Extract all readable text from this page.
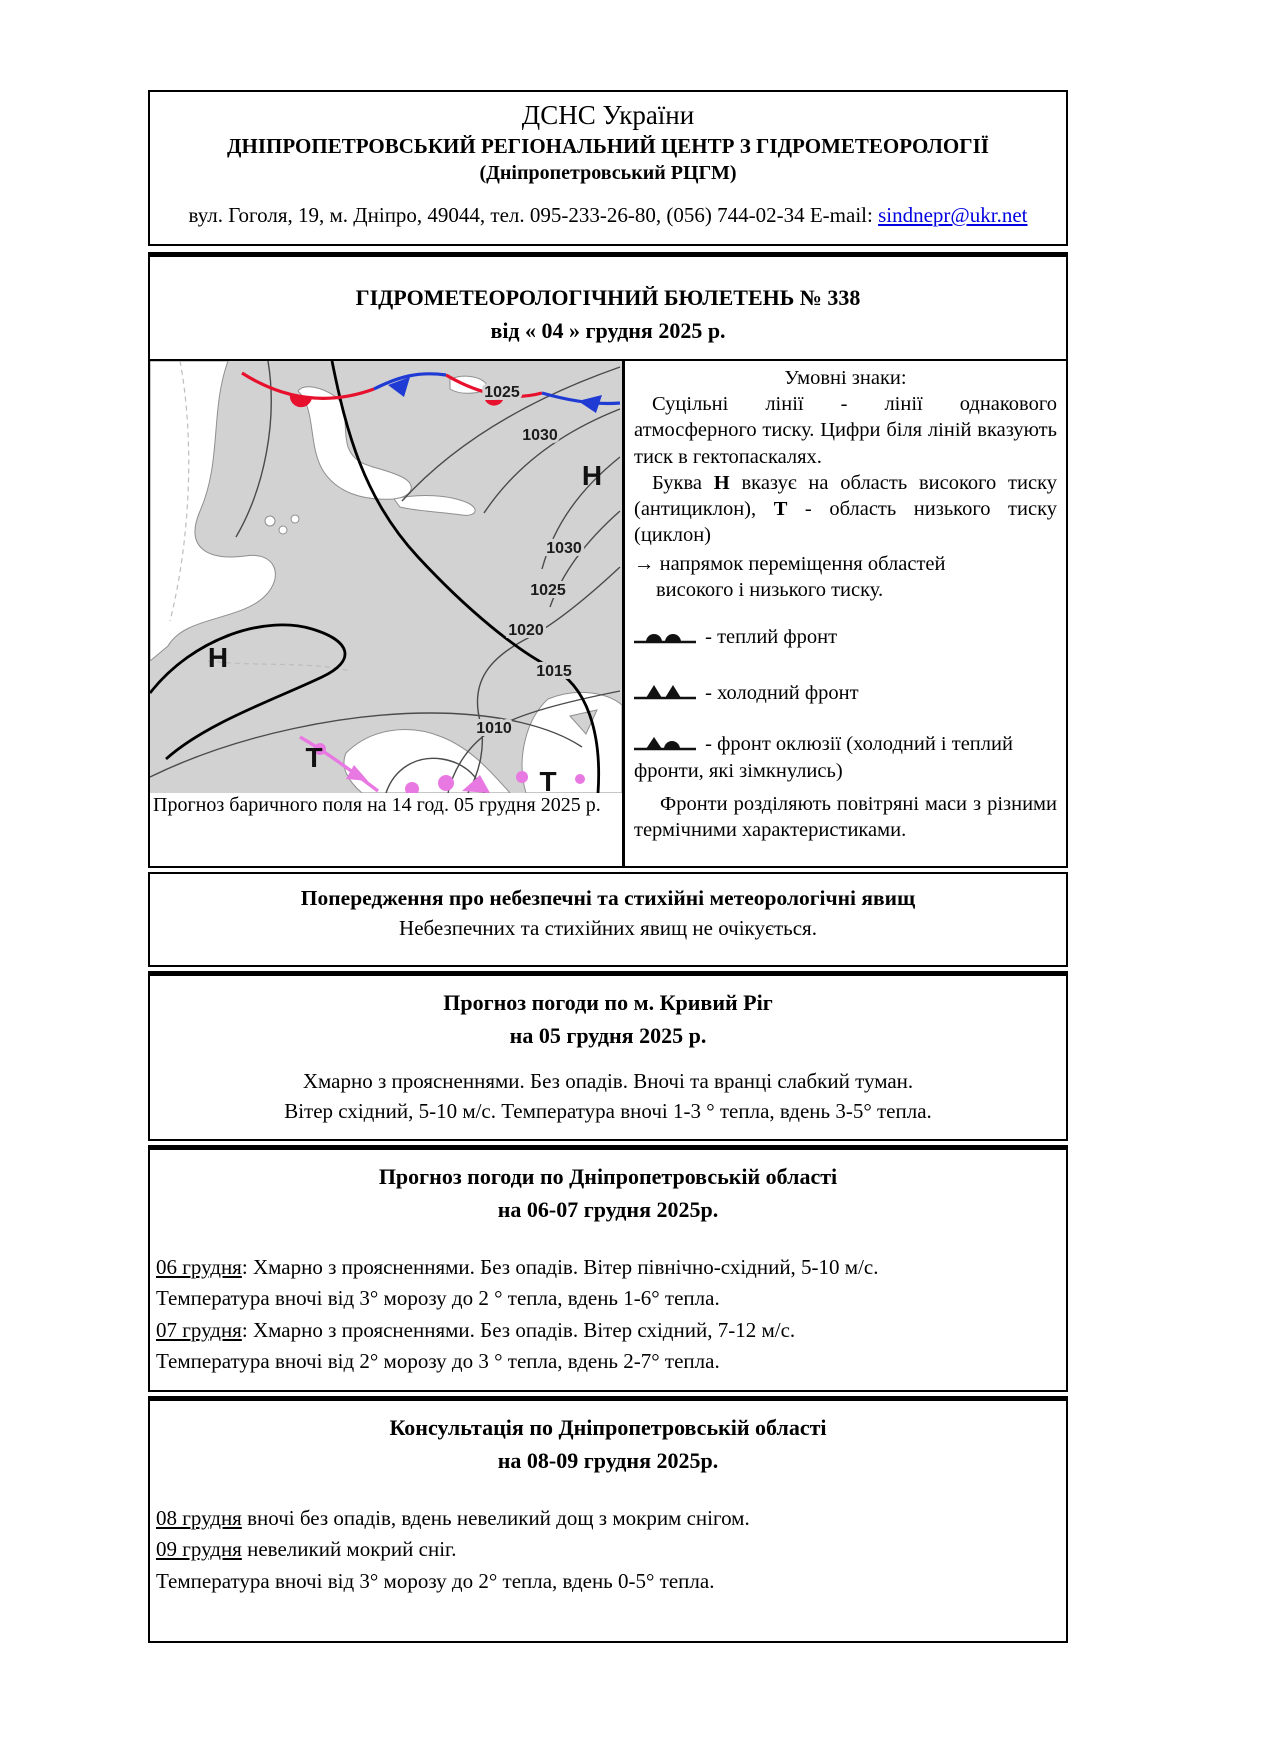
ДСНС України
ДНІПРОПЕТРОВСЬКИЙ РЕГІОНАЛЬНИЙ ЦЕНТР З ГІДРОМЕТЕОРОЛОГІЇ
(Дніпропетровський РЦГМ)
вул. Гоголя, 19, м. Дніпро, 49044, тел. 095-233-26-80, (056) 744-02-34 E-mail: sindnepr@ukr.net
ГІДРОМЕТЕОРОЛОГІЧНИЙ БЮЛЕТЕНЬ № 338
від « 04 » грудня 2025 р.
1025
1030
1030
1025
1020
1015
1010
Н
Н
Т
Т
Прогноз баричного поля на 14 год. 05 грудня 2025 р.
Умовні знаки:

Суцільні лінії - лінії однакового атмосферного тиску. Цифри біля ліній вказують тиск в гектопаскалях.

Буква Н вказує на область високого тиску (антициклон), Т - область низького тиску (циклон)

→ напрямок переміщення областей
високого і низького тиску.
- теплий фронт
- холодний фронт
- фронт оклюзії (холодний і теплий фронти, які зімкнулись)

Фронти розділяють повітряні маси з різними термічними характеристиками.

Попередження про небезпечні та стихійні метеорологічні явищ
Небезпечних та стихійних явищ не очікується.
Прогноз погоди по м. Кривий Ріг
на 05 грудня 2025 р.
Хмарно з проясненнями. Без опадів. Вночі та вранці слабкий туман.
Вітер східний, 5-10 м/с. Температура вночі 1-3 ° тепла, вдень 3-5° тепла.
Прогноз погоди по Дніпропетровській області
на 06-07 грудня 2025р.
06 грудня: Хмарно з проясненнями. Без опадів. Вітер північно-східний, 5-10 м/с.
Температура вночі від 3° морозу до 2 ° тепла, вдень 1-6° тепла.
07 грудня: Хмарно з проясненнями. Без опадів. Вітер східний, 7-12 м/с.
Температура вночі від 2° морозу до 3 ° тепла, вдень 2-7° тепла.
Консультація по Дніпропетровській області
на 08-09 грудня 2025р.
08 грудня вночі без опадів, вдень невеликий дощ з мокрим снігом.
09 грудня невеликий мокрий сніг.
Температура вночі від 3° морозу до 2° тепла, вдень 0-5° тепла.
